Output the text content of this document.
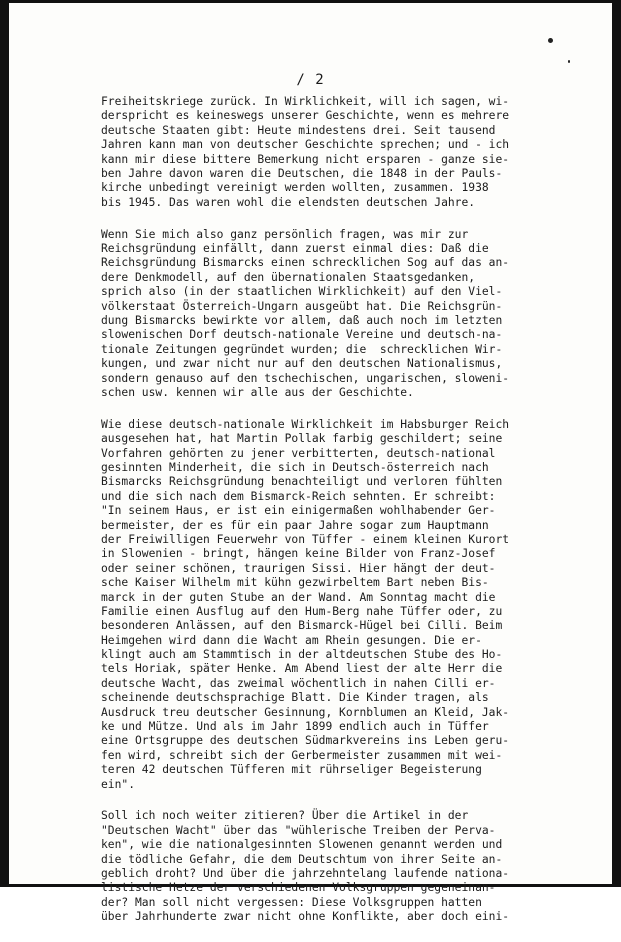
/ 2
Freiheitskriege zurück. In Wirklichkeit, will ich sagen, wi-
derspricht es keineswegs unserer Geschichte, wenn es mehrere
deutsche Staaten gibt: Heute mindestens drei. Seit tausend
Jahren kann man von deutscher Geschichte sprechen; und - ich
kann mir diese bittere Bemerkung nicht ersparen - ganze sie-
ben Jahre davon waren die Deutschen, die 1848 in der Pauls-
kirche unbedingt vereinigt werden wollten, zusammen. 1938
bis 1945. Das waren wohl die elendsten deutschen Jahre.
Wenn Sie mich also ganz persönlich fragen, was mir zur
Reichsgründung einfällt, dann zuerst einmal dies: Daß die
Reichsgründung Bismarcks einen schrecklichen Sog auf das an-
dere Denkmodell, auf den übernationalen Staatsgedanken,
sprich also (in der staatlichen Wirklichkeit) auf den Viel-
völkerstaat Österreich-Ungarn ausgeübt hat. Die Reichsgrün-
dung Bismarcks bewirkte vor allem, daß auch noch im letzten
slowenischen Dorf deutsch-nationale Vereine und deutsch-na-
tionale Zeitungen gegründet wurden; die  schrecklichen Wir-
kungen, und zwar nicht nur auf den deutschen Nationalismus,
sondern genauso auf den tschechischen, ungarischen, sloweni-
schen usw. kennen wir alle aus der Geschichte.
Wie diese deutsch-nationale Wirklichkeit im Habsburger Reich
ausgesehen hat, hat Martin Pollak farbig geschildert; seine
Vorfahren gehörten zu jener verbitterten, deutsch-national
gesinnten Minderheit, die sich in Deutsch-österreich nach
Bismarcks Reichsgründung benachteiligt und verloren fühlten
und die sich nach dem Bismarck-Reich sehnten. Er schreibt:
"In seinem Haus, er ist ein einigermaßen wohlhabender Ger-
bermeister, der es für ein paar Jahre sogar zum Hauptmann
der Freiwilligen Feuerwehr von Tüffer - einem kleinen Kurort
in Slowenien - bringt, hängen keine Bilder von Franz-Josef
oder seiner schönen, traurigen Sissi. Hier hängt der deut-
sche Kaiser Wilhelm mit kühn gezwirbeltem Bart neben Bis-
marck in der guten Stube an der Wand. Am Sonntag macht die
Familie einen Ausflug auf den Hum-Berg nahe Tüffer oder, zu
besonderen Anlässen, auf den Bismarck-Hügel bei Cilli. Beim
Heimgehen wird dann die Wacht am Rhein gesungen. Die er-
klingt auch am Stammtisch in der altdeutschen Stube des Ho-
tels Horiak, später Henke. Am Abend liest der alte Herr die
deutsche Wacht, das zweimal wöchentlich in nahen Cilli er-
scheinende deutschsprachige Blatt. Die Kinder tragen, als
Ausdruck treu deutscher Gesinnung, Kornblumen an Kleid, Jak-
ke und Mütze. Und als im Jahr 1899 endlich auch in Tüffer
eine Ortsgruppe des deutschen Südmarkvereins ins Leben geru-
fen wird, schreibt sich der Gerbermeister zusammen mit wei-
teren 42 deutschen Tüfferen mit rührseliger Begeisterung
ein".
Soll ich noch weiter zitieren? Über die Artikel in der
"Deutschen Wacht" über das "wühlerische Treiben der Perva-
ken", wie die nationalgesinnten Slowenen genannt werden und
die tödliche Gefahr, die dem Deutschtum von ihrer Seite an-
geblich droht? Und über die jahrzehntelang laufende nationa-
listische Hetze der verschiedenen Volksgruppen gegeneinan-
der? Man soll nicht vergessen: Diese Volksgruppen hatten
über Jahrhunderte zwar nicht ohne Konflikte, aber doch eini-
